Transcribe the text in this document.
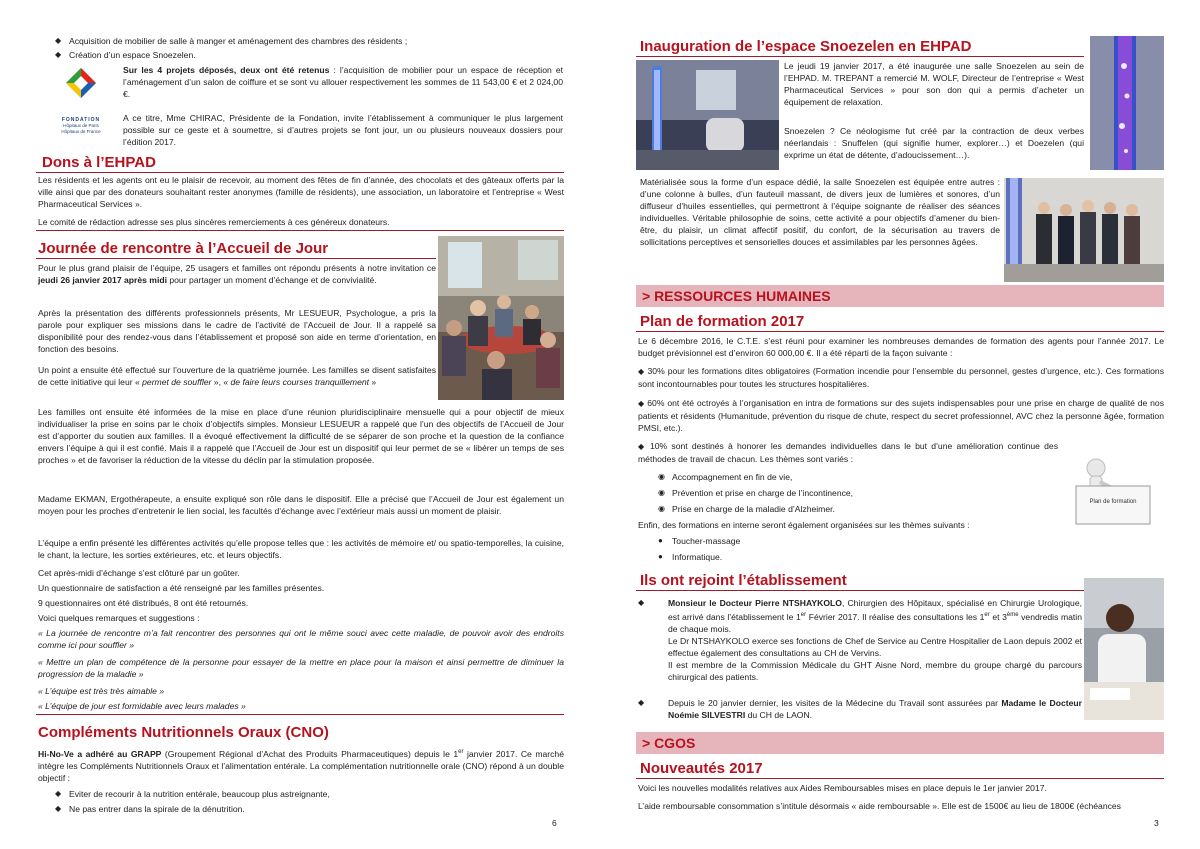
◆ Acquisition de mobilier de salle à manger et aménagement des chambres des résidents ;
◆ Création d’un espace Snoezelen.
FONDATION
Hôpitaux de Paris
Hôpitaux de France
Sur les 4 projets déposés, deux ont été retenus : l’acquisition de mobilier pour un espace de réception et l’aménagement d’un salon de coiffure et se sont vu allouer respectivement les sommes de 11 543,00 € et 2 024,00 €.
A ce titre, Mme CHIRAC, Présidente de la Fondation, invite l’établissement à communiquer le plus largement possible sur ce geste et à soumettre, si d’autres projets se font jour, un ou plusieurs nouveaux dossiers pour l’édition 2017.
Dons à l’EHPAD
Les résidents et les agents ont eu le plaisir de recevoir, au moment des fêtes de fin d’année, des chocolats et des gâteaux offerts par la ville ainsi que par des donateurs souhaitant rester anonymes (famille de résidents), une association, un laboratoire et l’entreprise « West Pharmaceutical Services ».
Le comité de rédaction adresse ses plus sincères remerciements à ces généreux donateurs.
Journée de rencontre à l’Accueil de Jour
Pour le plus grand plaisir de l’équipe, 25 usagers et familles ont répondu présents à notre invitation ce jeudi 26 janvier 2017 après midi pour partager un moment d’échange et de convivialité.
Après la présentation des différents professionnels présents, Mr LESUEUR, Psychologue, a pris la parole pour expliquer ses missions dans le cadre de l’activité de l’Accueil de Jour. Il a rappelé sa disponibilité pour des rendez-vous dans l’établissement et proposé son aide en terme d’orientation, en fonction des besoins.
Un point a ensuite été effectué sur l’ouverture de la quatrième journée. Les familles se disent satisfaites de cette initiative qui leur « permet de souffler », « de faire leurs courses tranquillement »
Les familles ont ensuite été informées de la mise en place d’une réunion pluridisciplinaire mensuelle qui a pour objectif de mieux individualiser la prise en soins par le choix d’objectifs simples. Monsieur LESUEUR a rappelé que l’un des objectifs de l’Accueil de Jour est d’apporter du soutien aux familles. Il a évoqué effectivement la difficulté de se séparer de son proche et la question de la confiance envers l’équipe à qui il est confié. Mais il a rappelé que l’Accueil de Jour est un dispositif qui leur permet de se « libérer un temps de ses proches » et de favoriser la réduction de la vitesse du déclin par la stimulation proposée.
Madame EKMAN, Ergothérapeute, a ensuite expliqué son rôle dans le dispositif. Elle a précisé que l’Accueil de Jour est également un moyen pour les proches d’entretenir le lien social, les facultés d’échange avec l’extérieur mais aussi un moment de plaisir.
L’équipe a enfin présenté les différentes activités qu’elle propose telles que : les activités de mémoire et/ ou spatio-temporelles, la cuisine, le chant, la lecture, les sorties extérieures, etc. et leurs objectifs.
Cet après-midi d’échange s’est clôturé par un goûter.
Un questionnaire de satisfaction a été renseigné par les familles présentes.
9 questionnaires ont été distribués, 8 ont été retournés.
Voici quelques remarques et suggestions :
« La journée de rencontre m’a fait rencontrer des personnes qui ont le même souci avec cette maladie, de pouvoir avoir des endroits comme ici pour souffler »
« Mettre un plan de compétence de la personne pour essayer de la mettre en place pour la maison et ainsi permettre de diminuer la progression de la maladie »
« L’équipe est très très aimable »
« L’équipe de jour est formidable avec leurs malades »
Compléments Nutritionnels Oraux (CNO)
Hi-No-Ve a adhéré au GRAPP (Groupement Régional d’Achat des Produits Pharmaceutiques) depuis le 1er janvier 2017. Ce marché intègre les Compléments Nutritionnels Oraux et l’alimentation entérale. La complémentation nutritionnelle orale (CNO) répond à un double objectif :
◆ Eviter de recourir à la nutrition entérale, beaucoup plus astreignante,
◆ Ne pas entrer dans la spirale de la dénutrition.
6
Inauguration de l’espace Snoezelen en EHPAD
Le jeudi 19 janvier 2017, a été inaugurée une salle Snoezelen au sein de l’EHPAD. M. TREPANT a remercié M. WOLF, Directeur de l’entreprise « West Pharmaceutical Services » pour son don qui a permis d’acheter un équipement de relaxation.
Snoezelen ? Ce néologisme fut créé par la contraction de deux verbes néerlandais : Snuffelen (qui signifie humer, explorer…) et Doezelen (qui exprime un état de détente, d’adoucissement…).
Matérialisée sous la forme d’un espace dédié, la salle Snoezelen est équipée entre autres : d’une colonne à bulles, d’un fauteuil massant, de divers jeux de lumières et sonores, d’un diffuseur d’huiles essentielles, qui permettront à l’équipe soignante de réaliser des séances individuelles. Véritable philosophie de soins, cette activité a pour objectifs d’amener du bien-être, du plaisir, un climat affectif positif, du confort, de la sécurisation au travers de sollicitations perceptives et sensorielles douces et assimilables par les personnes âgées.
> RESSOURCES HUMAINES
Plan de formation 2017
Le 6 décembre 2016, le C.T.E. s’est réuni pour examiner les nombreuses demandes de formation des agents pour l’année 2017. Le budget prévisionnel est d’environ 60 000,00 €. Il a été réparti de la façon suivante :
◆ 30% pour les formations dites obligatoires (Formation incendie pour l’ensemble du personnel, gestes d’urgence, etc.). Ces formations sont incontournables pour toutes les structures hospitalières.
◆ 60% ont été octroyés à l’organisation en intra de formations sur des sujets indispensables pour une prise en charge de qualité de nos patients et résidents (Humanitude, prévention du risque de chute, respect du secret professionnel, AVC chez la personne âgée, formation PMSI, etc.).
◆ 10% sont destinés à honorer les demandes individuelles dans le but d’une amélioration continue des méthodes de travail de chacun. Les thèmes sont variés :
◉ Accompagnement en fin de vie,
◉ Prévention et prise en charge de l’incontinence,
◉ Prise en charge de la maladie d’Alzheimer.
Enfin, des formations en interne seront également organisées sur les thèmes suivants :
● Toucher-massage
● Informatique.
Plan de formation
Ils ont rejoint l’établissement
◆	Monsieur le Docteur Pierre NTSHAYKOLO, Chirurgien des Hôpitaux, spécialisé en Chirurgie Urologique, est arrivé dans l’établissement le 1er Février 2017. Il réalise des consultations les 1er et 3ème vendredis matin de chaque mois.

Le Dr NTSHAYKOLO exerce ses fonctions de Chef de Service au Centre Hospitalier de Laon depuis 2002 et effectue également des consultations au CH de Vervins.

Il est membre de la Commission Médicale du GHT Aisne Nord, membre du groupe chargé du parcours chirurgical des patients.

◆	Depuis le 20 janvier dernier, les visites de la Médecine du Travail sont assurées par Madame le Docteur Noémie SILVESTRI du CH de LAON.
> CGOS
Nouveautés 2017
Voici les nouvelles modalités relatives aux Aides Remboursables mises en place depuis le 1er janvier 2017.
L’aide remboursable consommation s’intitule désormais « aide remboursable ». Elle est de 1500€ au lieu de 1800€ (échéances
3
